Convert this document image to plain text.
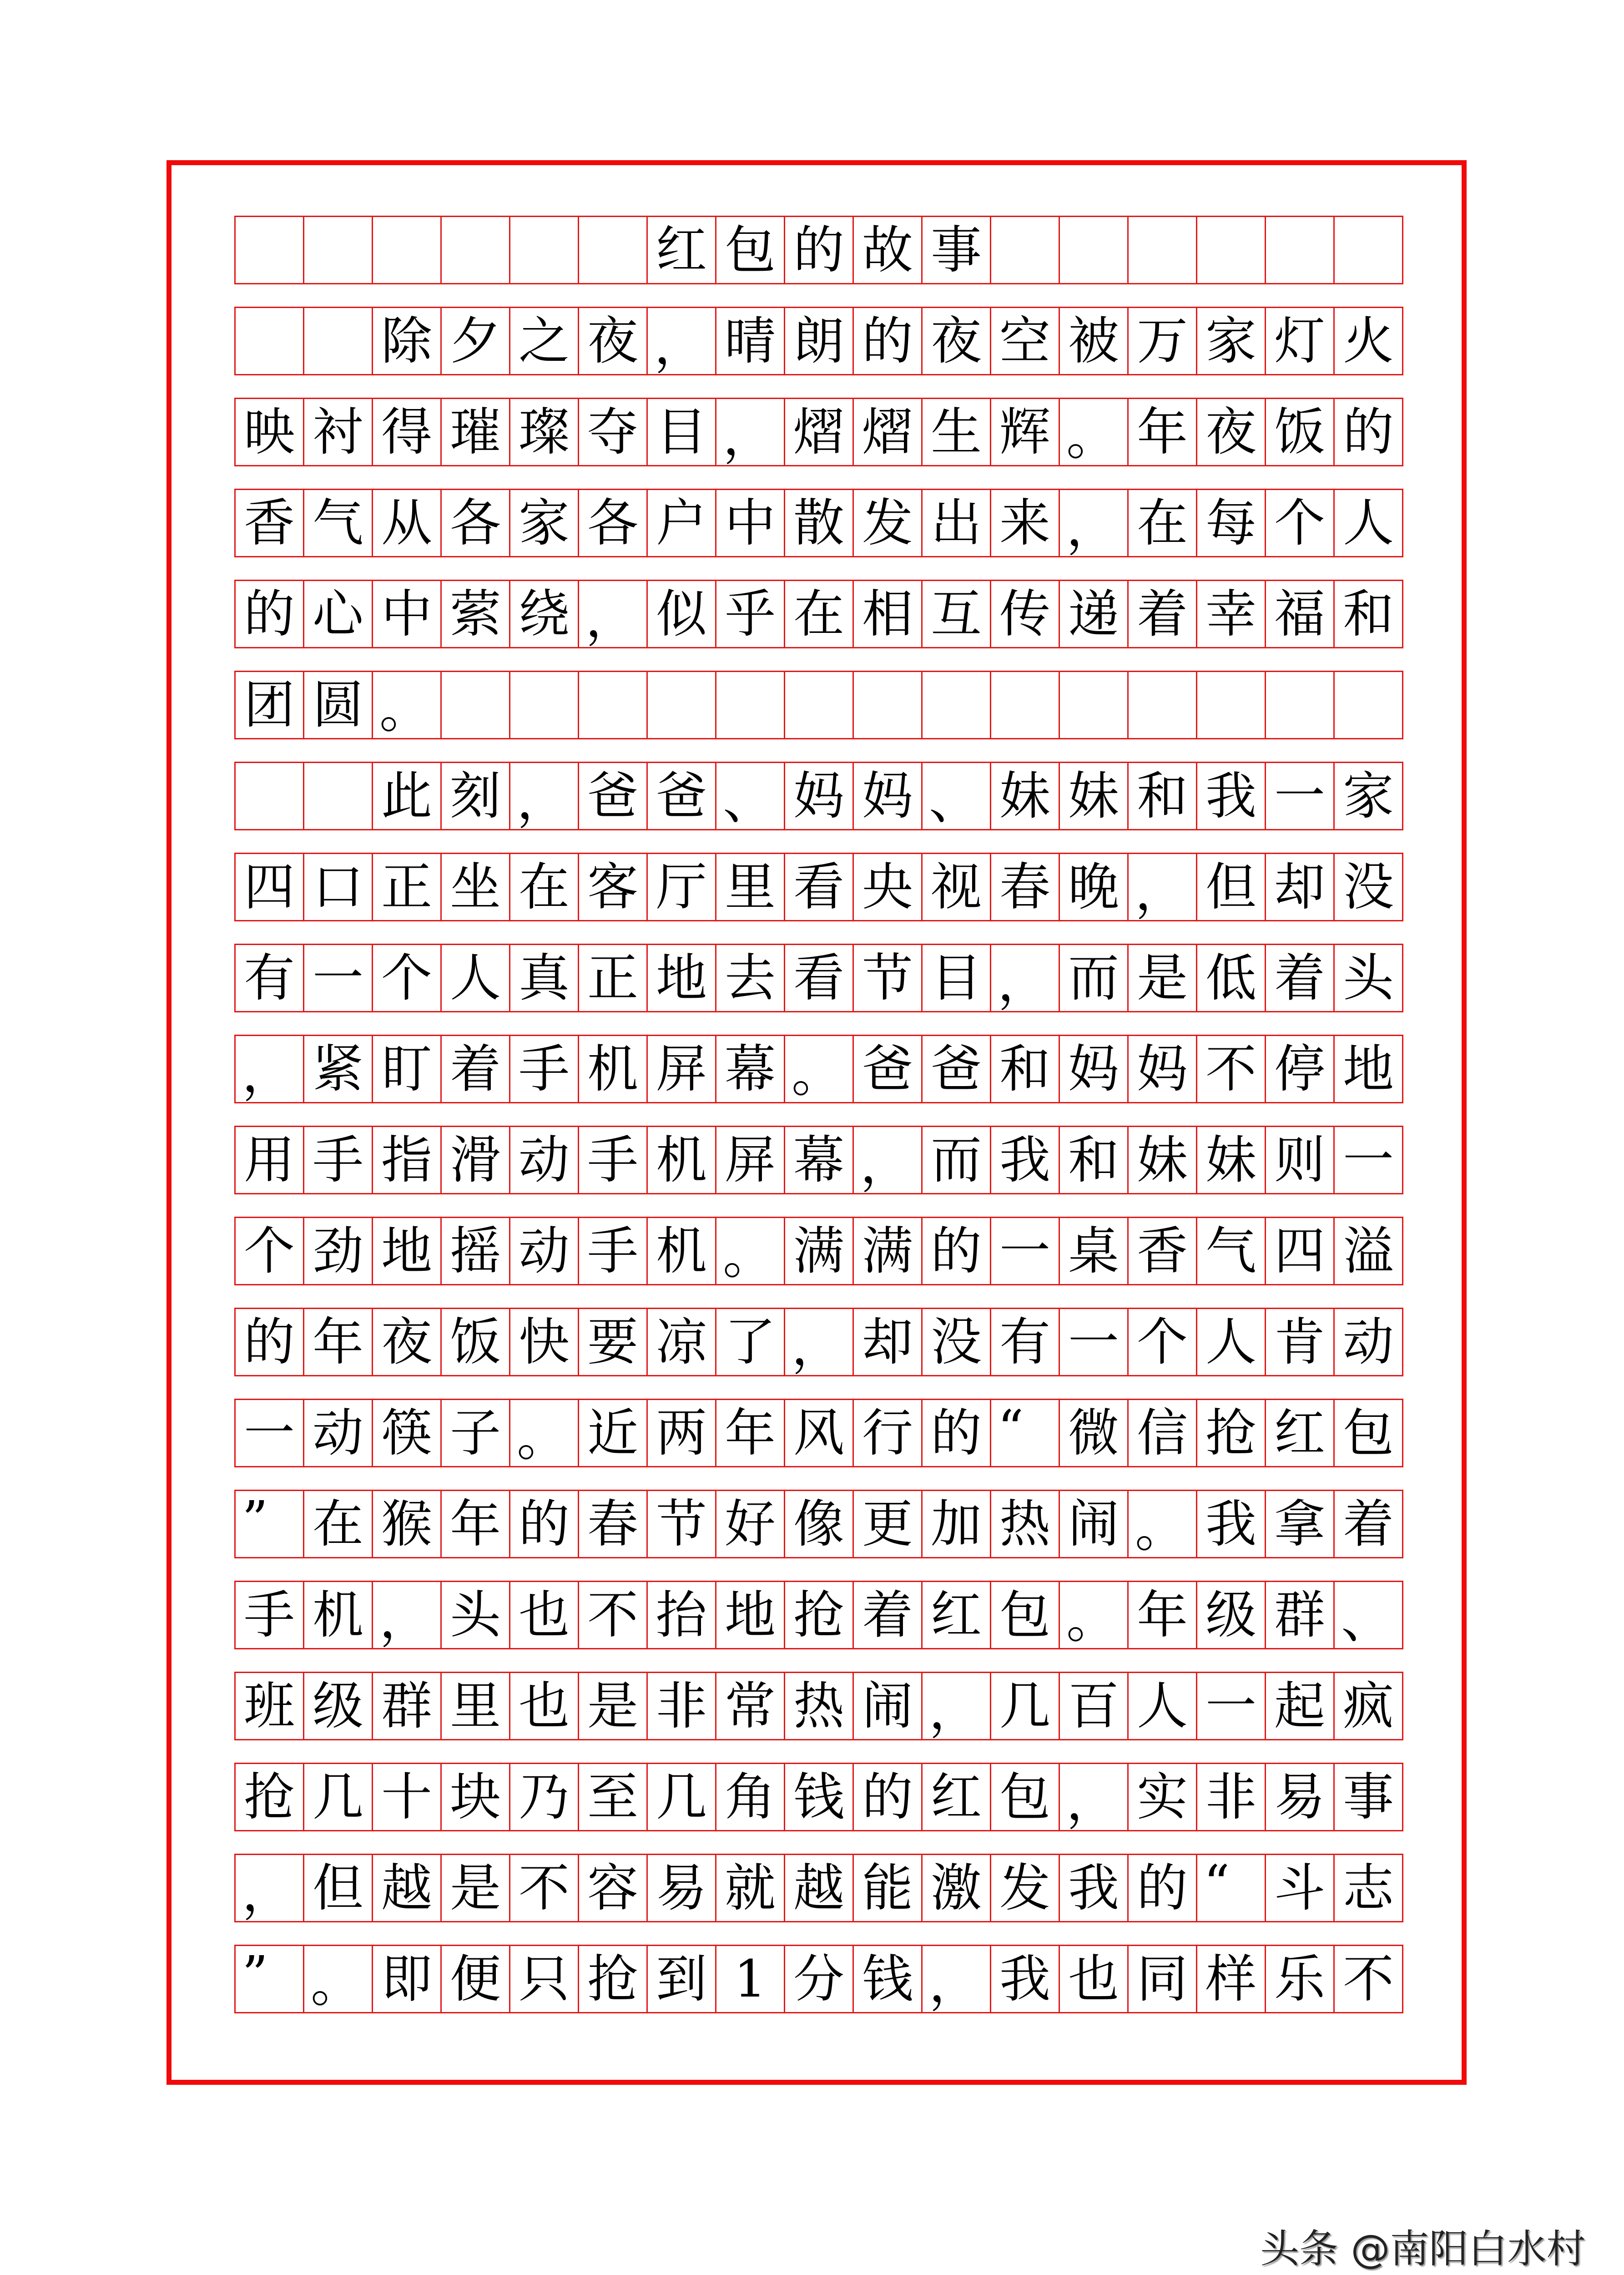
红 包 的 故 事
除 夕 之 夜 ， 晴 朗 的 夜 空 被 万 家 灯 火
映 衬 得 璀 璨 夺 目 ， 熠 熠 生 辉 。 年 夜 饭 的
香 气 从 各 家 各 户 中 散 发 出 来 ， 在 每 个 人
的 心 中 萦 绕 ， 似 乎 在 相 互 传 递 着 幸 福 和
团 圆 。
此 刻 ， 爸 爸 、 妈 妈 、 妹 妹 和 我 一 家
四 口 正 坐 在 客 厅 里 看 央 视 春 晚 ， 但 却 没
有 一 个 人 真 正 地 去 看 节 目 ， 而 是 低 着 头
， 紧 盯 着 手 机 屏 幕 。 爸 爸 和 妈 妈 不 停 地
用 手 指 滑 动 手 机 屏 幕 ， 而 我 和 妹 妹 则 一
个 劲 地 摇 动 手 机 。 满 满 的 一 桌 香 气 四 溢
的 年 夜 饭 快 要 凉 了 ， 却 没 有 一 个 人 肯 动
一 动 筷 子 。 近 两 年 风 行 的 “ 微 信 抢 红 包
” 在 猴 年 的 春 节 好 像 更 加 热 闹 。 我 拿 着
手 机 ， 头 也 不 抬 地 抢 着 红 包 。 年 级 群 、
班 级 群 里 也 是 非 常 热 闹 ， 几 百 人 一 起 疯
抢 几 十 块 乃 至 几 角 钱 的 红 包 ， 实 非 易 事
， 但 越 是 不 容 易 就 越 能 激 发 我 的 “ 斗 志
” 。 即 便 只 抢 到 1 分 钱 ， 我 也 同 样 乐 不
头条 @南阳白水村
